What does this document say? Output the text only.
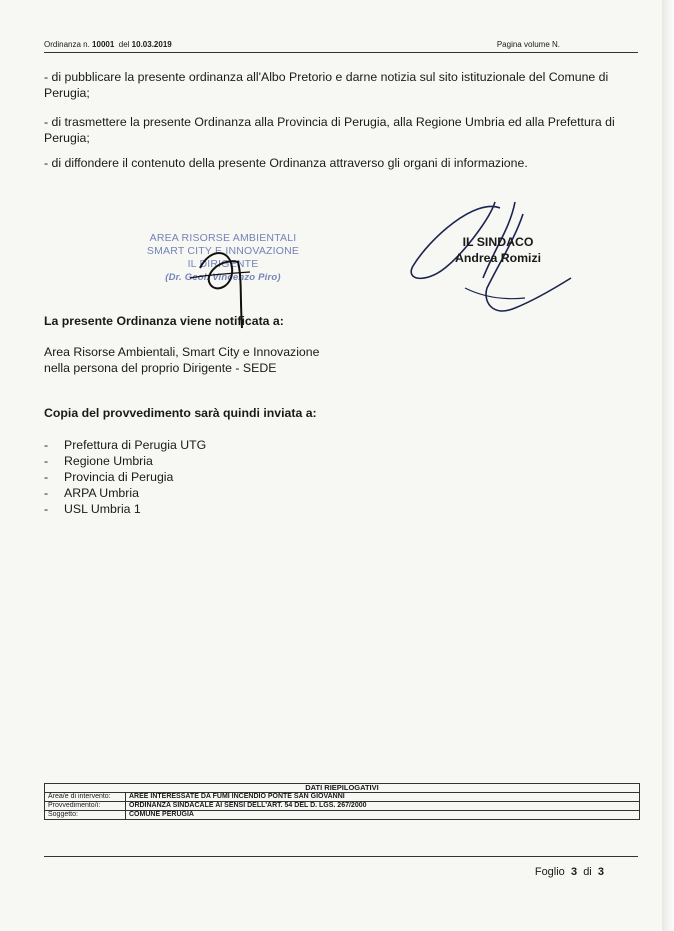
Ordinanza n. 10001 del 10.03.2019	Pagina volume N.
- di pubblicare la presente ordinanza all'Albo Pretorio e darne notizia sul sito istituzionale del Comune di Perugia;
- di trasmettere la presente Ordinanza alla Provincia di Perugia, alla Regione Umbria ed alla Prefettura di Perugia;
- di diffondere il contenuto della presente Ordinanza attraverso gli organi di informazione.
AREA RISORSE AMBIENTALI
SMART CITY E INNOVAZIONE
IL DIRIGENTE
(Dr. Geol. Vincenzo Piro)
IL SINDACO
Andrea Romizi
La presente Ordinanza viene notificata a:
Area Risorse Ambientali, Smart City e Innovazione
nella persona del proprio Dirigente - SEDE
Copia del provvedimento sarà quindi inviata a:
- Prefettura di Perugia UTG
- Regione Umbria
- Provincia di Perugia
- ARPA Umbria
- USL Umbria 1
DATI RIEPILOGATIVI	
Area/e di intervento:	AREE INTERESSATE DA FUMI INCENDIO PONTE SAN GIOVANNI
Provvedimento/i:	ORDINANZA SINDACALE AI SENSI DELL'ART. 54 DEL D. LGS. 267/2000
Soggetto:	COMUNE PERUGIA
Foglio 3 di 3
